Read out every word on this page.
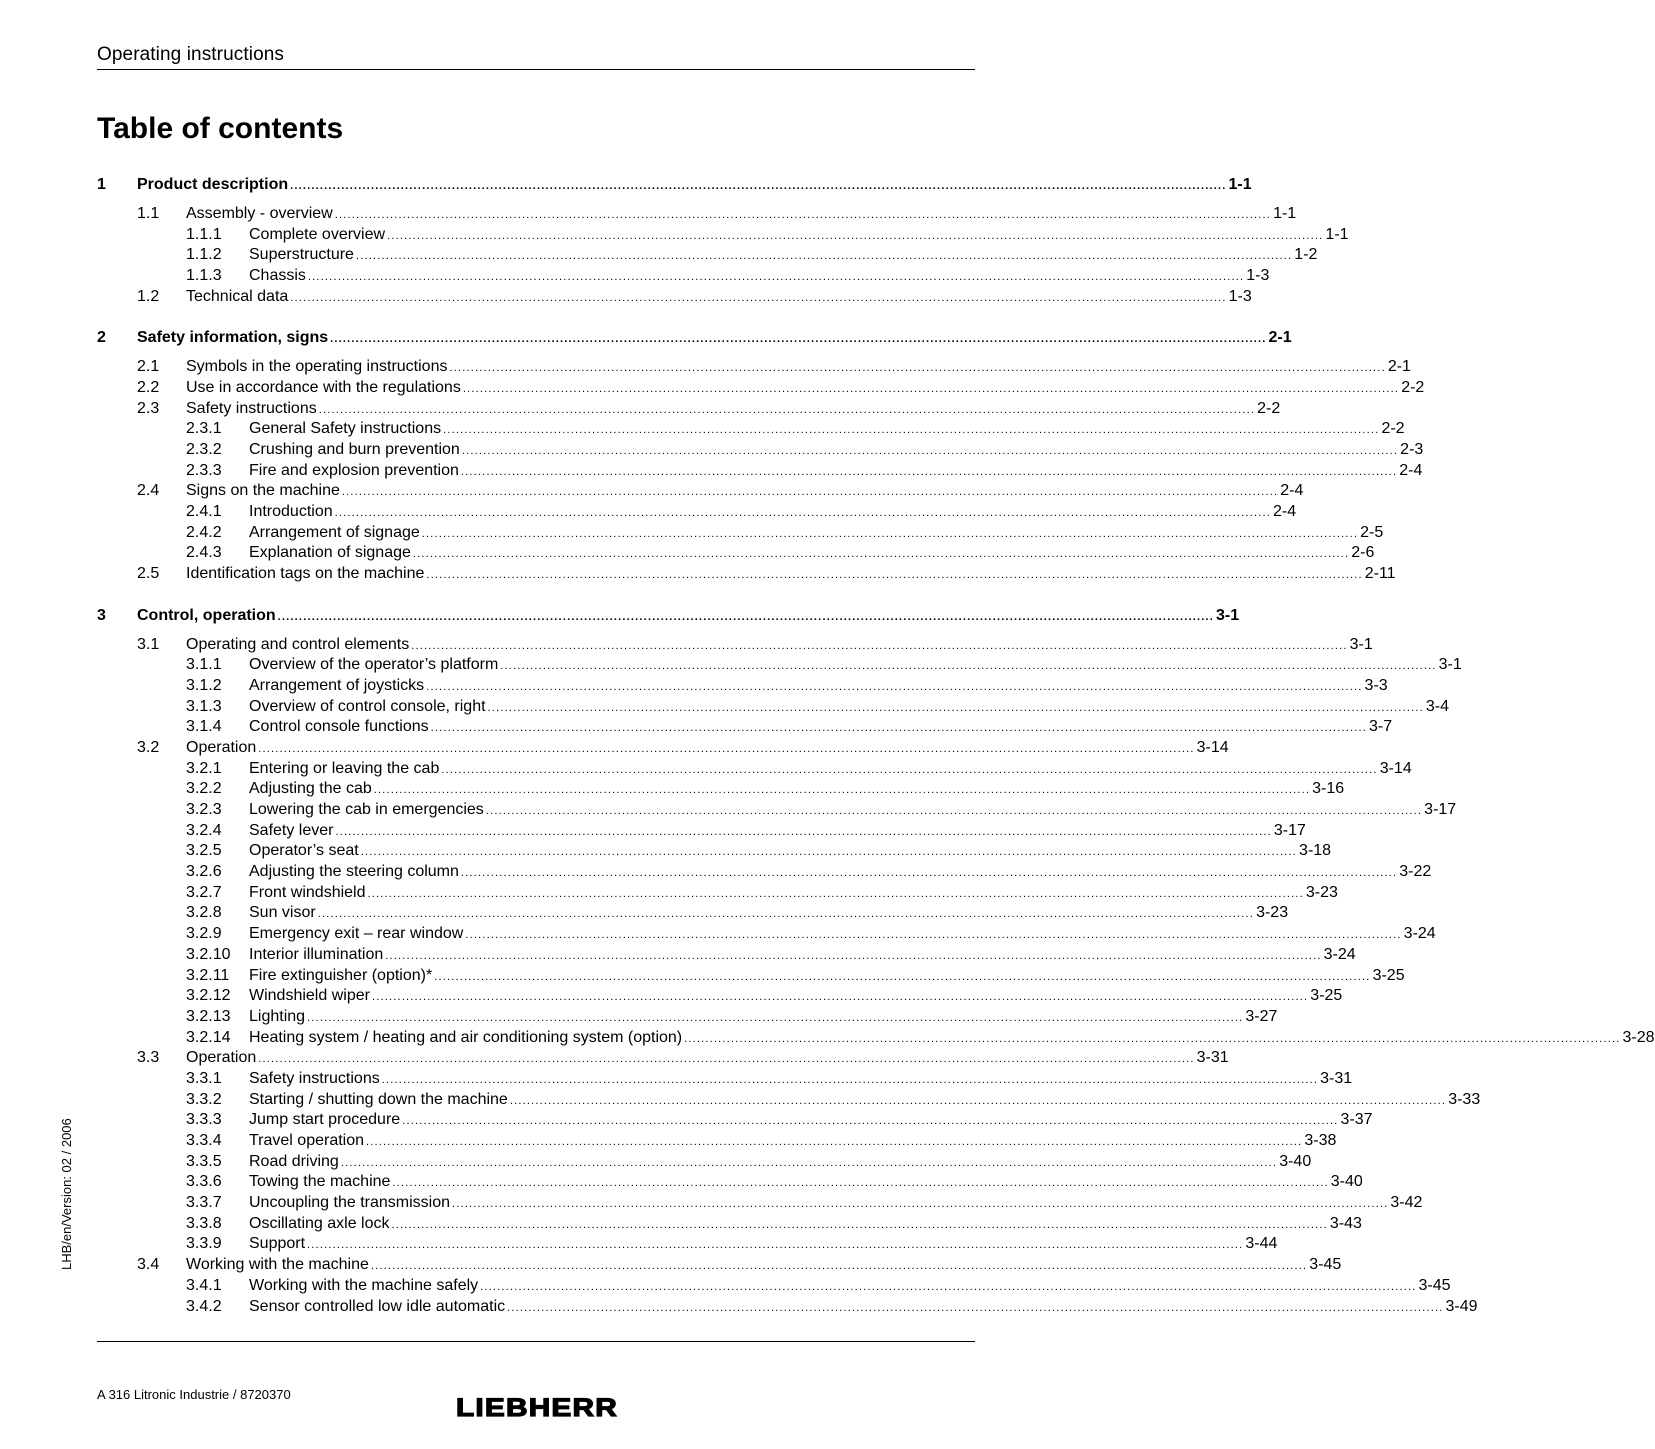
Operating instructions
Table of contents
1 Product description ............................................................................................................................................................................................................................ 1-1
1.1 Assembly - overview ............................................................................................................................................................................................................................ 1-1
1.1.1 Complete overview ............................................................................................................................................................................................................................ 1-1
1.1.2 Superstructure ............................................................................................................................................................................................................................ 1-2
1.1.3 Chassis ............................................................................................................................................................................................................................ 1-3
1.2 Technical data ............................................................................................................................................................................................................................ 1-3
2 Safety information, signs ............................................................................................................................................................................................................................ 2-1
2.1 Symbols in the operating instructions ............................................................................................................................................................................................................................ 2-1
2.2 Use in accordance with the regulations ............................................................................................................................................................................................................................ 2-2
2.3 Safety instructions ............................................................................................................................................................................................................................ 2-2
2.3.1 General Safety instructions ............................................................................................................................................................................................................................ 2-2
2.3.2 Crushing and burn prevention ............................................................................................................................................................................................................................ 2-3
2.3.3 Fire and explosion prevention ............................................................................................................................................................................................................................ 2-4
2.4 Signs on the machine ............................................................................................................................................................................................................................ 2-4
2.4.1 Introduction ............................................................................................................................................................................................................................ 2-4
2.4.2 Arrangement of signage ............................................................................................................................................................................................................................ 2-5
2.4.3 Explanation of signage ............................................................................................................................................................................................................................ 2-6
2.5 Identification tags on the machine ............................................................................................................................................................................................................................ 2-11
3 Control, operation ............................................................................................................................................................................................................................ 3-1
3.1 Operating and control elements ............................................................................................................................................................................................................................ 3-1
3.1.1 Overview of the operator’s platform ............................................................................................................................................................................................................................ 3-1
3.1.2 Arrangement of joysticks ............................................................................................................................................................................................................................ 3-3
3.1.3 Overview of control console, right ............................................................................................................................................................................................................................ 3-4
3.1.4 Control console functions ............................................................................................................................................................................................................................ 3-7
3.2 Operation ............................................................................................................................................................................................................................ 3-14
3.2.1 Entering or leaving the cab ............................................................................................................................................................................................................................ 3-14
3.2.2 Adjusting the cab ............................................................................................................................................................................................................................ 3-16
3.2.3 Lowering the cab in emergencies ............................................................................................................................................................................................................................ 3-17
3.2.4 Safety lever ............................................................................................................................................................................................................................ 3-17
3.2.5 Operator’s seat ............................................................................................................................................................................................................................ 3-18
3.2.6 Adjusting the steering column ............................................................................................................................................................................................................................ 3-22
3.2.7 Front windshield ............................................................................................................................................................................................................................ 3-23
3.2.8 Sun visor ............................................................................................................................................................................................................................ 3-23
3.2.9 Emergency exit – rear window ............................................................................................................................................................................................................................ 3-24
3.2.10 Interior illumination ............................................................................................................................................................................................................................ 3-24
3.2.11 Fire extinguisher (option)* ............................................................................................................................................................................................................................ 3-25
3.2.12 Windshield wiper ............................................................................................................................................................................................................................ 3-25
3.2.13 Lighting ............................................................................................................................................................................................................................ 3-27
3.2.14 Heating system / heating and air conditioning system (option) ............................................................................................................................................................................................................................ 3-28
3.3 Operation ............................................................................................................................................................................................................................ 3-31
3.3.1 Safety instructions ............................................................................................................................................................................................................................ 3-31
3.3.2 Starting / shutting down the machine ............................................................................................................................................................................................................................ 3-33
3.3.3 Jump start procedure ............................................................................................................................................................................................................................ 3-37
3.3.4 Travel operation ............................................................................................................................................................................................................................ 3-38
3.3.5 Road driving ............................................................................................................................................................................................................................ 3-40
3.3.6 Towing the machine ............................................................................................................................................................................................................................ 3-40
3.3.7 Uncoupling the transmission ............................................................................................................................................................................................................................ 3-42
3.3.8 Oscillating axle lock ............................................................................................................................................................................................................................ 3-43
3.3.9 Support ............................................................................................................................................................................................................................ 3-44
3.4 Working with the machine ............................................................................................................................................................................................................................ 3-45
3.4.1 Working with the machine safely ............................................................................................................................................................................................................................ 3-45
3.4.2 Sensor controlled low idle automatic ............................................................................................................................................................................................................................ 3-49
LHB/en/Version: 02 / 2006
A 316 Litronic Industrie / 8720370	LIEBHERR
